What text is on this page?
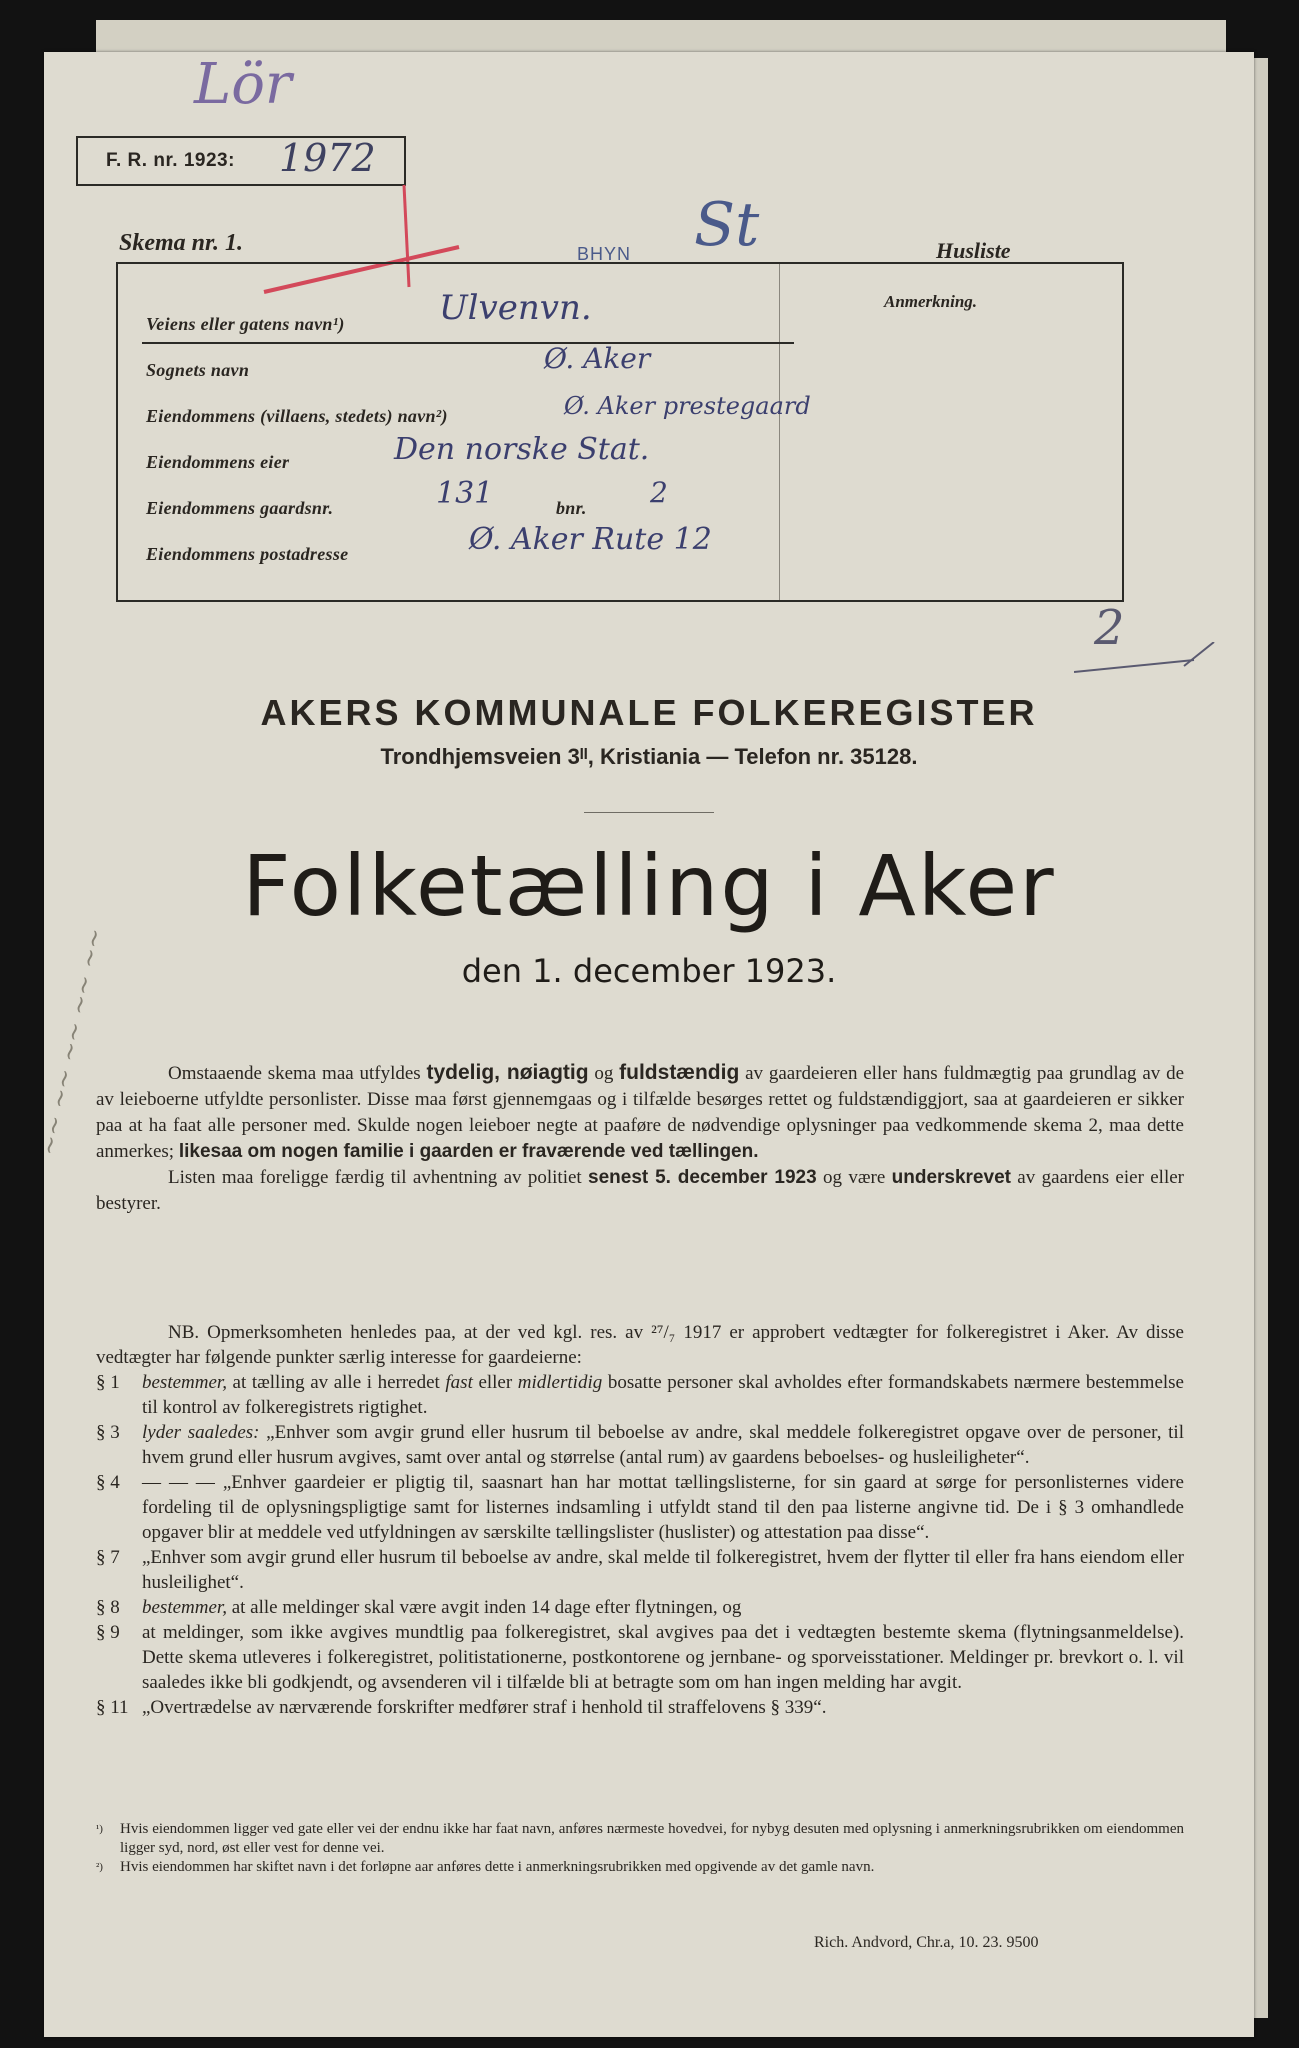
~~ ~~ ~~ ~~ ~~
Lör
F. R. nr. 1923: 1972
Skema nr. 1.	Husliste
BHYN St
Anmerkning.
Veiens eller gatens navn¹)	Ulvenvn.
Sognets navn	Ø. Aker
Eiendommens (villaens, stedets) navn²)	Ø. Aker prestegaard
Eiendommens eier	Den norske Stat.
Eiendommens gaardsnr.	131	bnr. 2
Eiendommens postadresse	Ø. Aker Rute 12
2
AKERS KOMMUNALE FOLKEREGISTER
Trondhjemsveien 3ᴵᴵ, Kristiania — Telefon nr. 35128.
Folketælling i Aker
den 1. december 1923.

Omstaaende skema maa utfyldes tydelig, nøiagtig og fuldstændig av gaardeieren eller hans fuldmægtig paa grundlag av de av leieboerne utfyldte personlister. Disse maa først gjennemgaas og i tilfælde besørges rettet og fuldstændiggjort, saa at gaardeieren er sikker paa at ha faat alle personer med. Skulde nogen leieboer negte at paaføre de nødvendige oplysninger paa vedkommende skema 2, maa dette anmerkes; likesaa om nogen familie i gaarden er fraværende ved tællingen.

Listen maa foreligge færdig til avhentning av politiet senest 5. december 1923 og være underskrevet av gaardens eier eller bestyrer.

NB. Opmerksomheten henledes paa, at der ved kgl. res. av ²⁷/₇ 1917 er approbert vedtægter for folkeregistret i Aker. Av disse vedtægter har følgende punkter særlig interesse for gaardeierne:

§ 1	bestemmer, at tælling av alle i herredet fast eller midlertidig bosatte personer skal avholdes efter formandskabets nærmere bestemmelse til kontrol av folkeregistrets rigtighet.
§ 3	lyder saaledes: „Enhver som avgir grund eller husrum til beboelse av andre, skal meddele folkeregistret opgave over de personer, til hvem grund eller husrum avgives, samt over antal og størrelse (antal rum) av gaardens beboelses- og husleiligheter“.
§ 4	— — — „Enhver gaardeier er pligtig til, saasnart han har mottat tællingslisterne, for sin gaard at sørge for personlisternes videre fordeling til de oplysningspligtige samt for listernes indsamling i utfyldt stand til den paa listerne angivne tid. De i § 3 omhandlede opgaver blir at meddele ved utfyldningen av særskilte tællingslister (huslister) og attestation paa disse“.
§ 7	„Enhver som avgir grund eller husrum til beboelse av andre, skal melde til folkeregistret, hvem der flytter til eller fra hans eiendom eller husleilighet“.
§ 8	bestemmer, at alle meldinger skal være avgit inden 14 dage efter flytningen, og
§ 9	at meldinger, som ikke avgives mundtlig paa folkeregistret, skal avgives paa det i vedtægten bestemte skema (flytningsanmeldelse). Dette skema utleveres i folkeregistret, politistationerne, postkontorene og jernbane- og sporveisstationer. Meldinger pr. brevkort o. l. vil saaledes ikke bli godkjendt, og avsenderen vil i tilfælde bli at betragte som om han ingen melding har avgit.
§ 11 „Overtrædelse av nærværende forskrifter medfører straf i henhold til straffelovens § 339“.
¹)	Hvis eiendommen ligger ved gate eller vei der endnu ikke har faat navn, anføres nærmeste hovedvei, for nybyg desuten med oplysning i anmerkningsrubrikken om eiendommen ligger syd, nord, øst eller vest for denne vei.
²)	Hvis eiendommen har skiftet navn i det forløpne aar anføres dette i anmerkningsrubrikken med opgivende av det gamle navn.
Rich. Andvord, Chr.a, 10. 23. 9500
